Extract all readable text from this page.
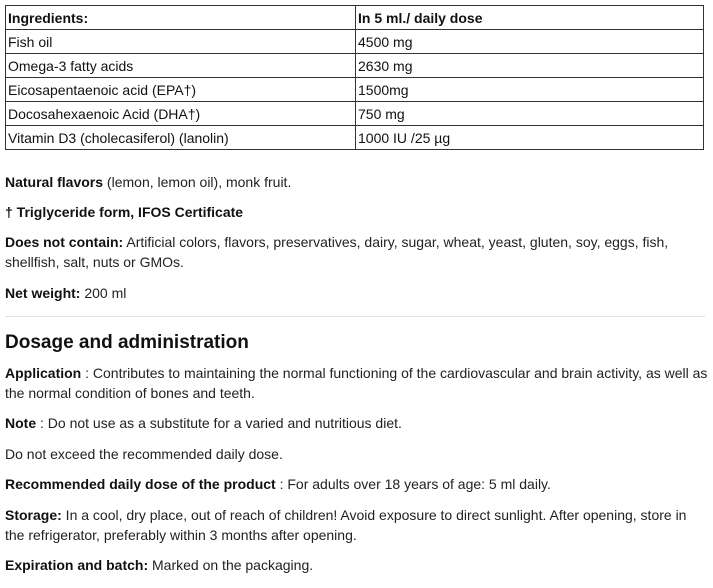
Ingredients:	In 5 ml./ daily dose
Fish oil	4500 mg
Omega-3 fatty acids	2630 mg
Eicosapentaenoic acid (EPA†)	1500mg
Docosahexaenoic Acid (DHA†)	750 mg
Vitamin D3 (cholecasiferol) (lanolin)	1000 IU /25 µg

Natural flavors (lemon, lemon oil), monk fruit.

† Triglyceride form, IFOS Certificate

Does not contain: Artificial colors, flavors, preservatives, dairy, sugar, wheat, yeast, gluten, soy, eggs, fish, shellfish, salt, nuts or GMOs.

Net weight: 200 ml

Dosage and administration

Application : Contributes to maintaining the normal functioning of the cardiovascular and brain activity, as well as the normal condition of bones and teeth.

Note : Do not use as a substitute for a varied and nutritious diet.

Do not exceed the recommended daily dose.

Recommended daily dose of the product : For adults over 18 years of age: 5 ml daily.

Storage: In a cool, dry place, out of reach of children! Avoid exposure to direct sunlight. After opening, store in the refrigerator, preferably within 3 months after opening.

Expiration and batch: Marked on the packaging.
